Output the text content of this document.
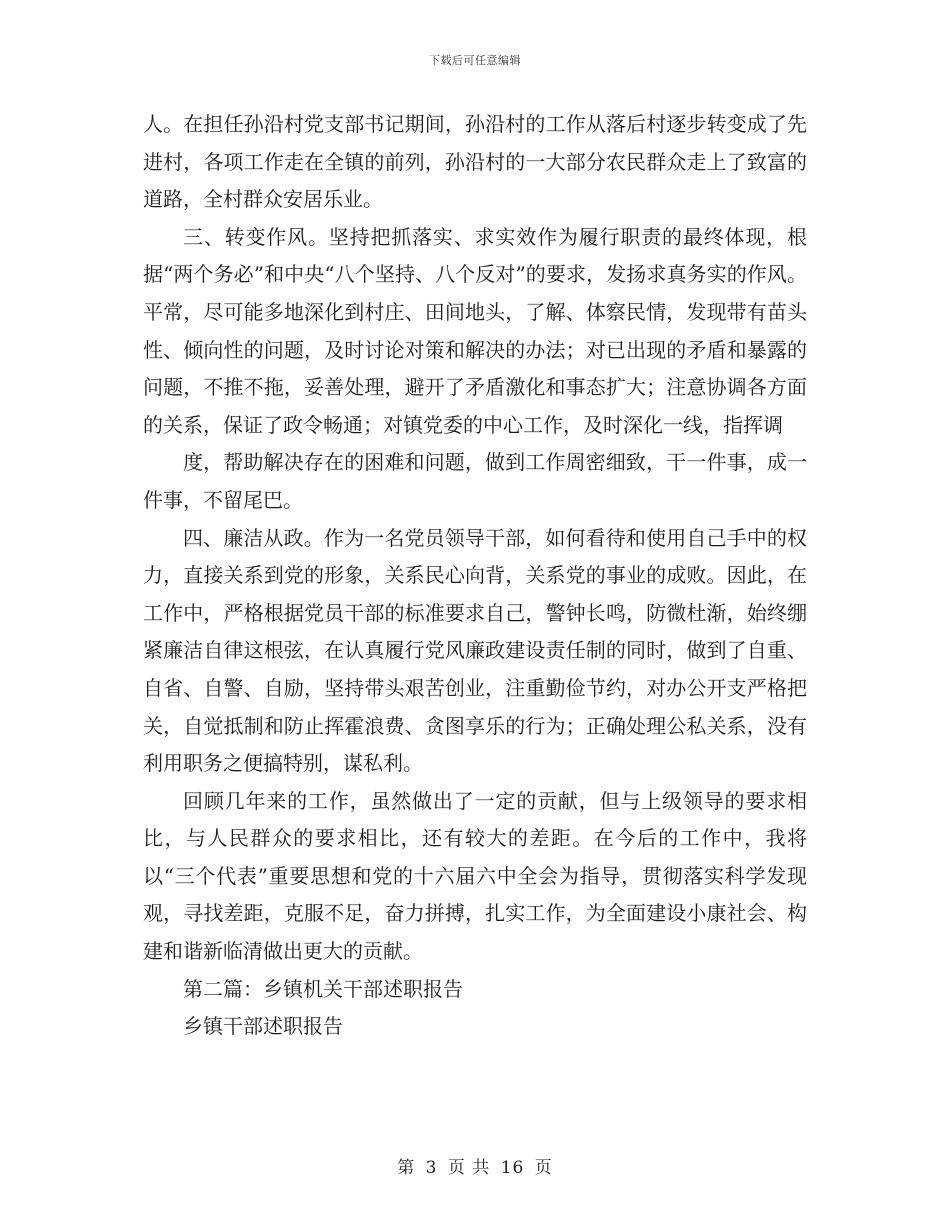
下载后可任意编辑

人。在担任孙沿村党支部书记期间，孙沿村的工作从落后村逐步转变成了先进村，各项工作走在全镇的前列，孙沿村的一大部分农民群众走上了致富的道路，全村群众安居乐业。

三、转变作风。坚持把抓落实、求实效作为履行职责的最终体现，根据“两个务必”和中央“八个坚持、八个反对”的要求，发扬求真务实的作风。平常，尽可能多地深化到村庄、田间地头，了解、体察民情，发现带有苗头性、倾向性的问题，及时讨论对策和解决的办法；对已出现的矛盾和暴露的问题，不推不拖，妥善处理，避开了矛盾激化和事态扩大；注意协调各方面的关系，保证了政令畅通；对镇党委的中心工作，及时深化一线，指挥调

度，帮助解决存在的困难和问题，做到工作周密细致，干一件事，成一件事，不留尾巴。

四、廉洁从政。作为一名党员领导干部，如何看待和使用自己手中的权力，直接关系到党的形象，关系民心向背，关系党的事业的成败。因此，在工作中，严格根据党员干部的标准要求自己，警钟长鸣，防微杜渐，始终绷紧廉洁自律这根弦，在认真履行党风廉政建设责任制的同时，做到了自重、自省、自警、自励，坚持带头艰苦创业，注重勤俭节约，对办公开支严格把关，自觉抵制和防止挥霍浪费、贪图享乐的行为；正确处理公私关系，没有利用职务之便搞特别，谋私利。

回顾几年来的工作，虽然做出了一定的贡献，但与上级领导的要求相比，与人民群众的要求相比，还有较大的差距。在今后的工作中，我将以“三个代表”重要思想和党的十六届六中全会为指导，贯彻落实科学发现观，寻找差距，克服不足，奋力拼搏，扎实工作，为全面建设小康社会、构建和谐新临清做出更大的贡献。

第二篇：乡镇机关干部述职报告

乡镇干部述职报告

第 3 页 共 16 页
